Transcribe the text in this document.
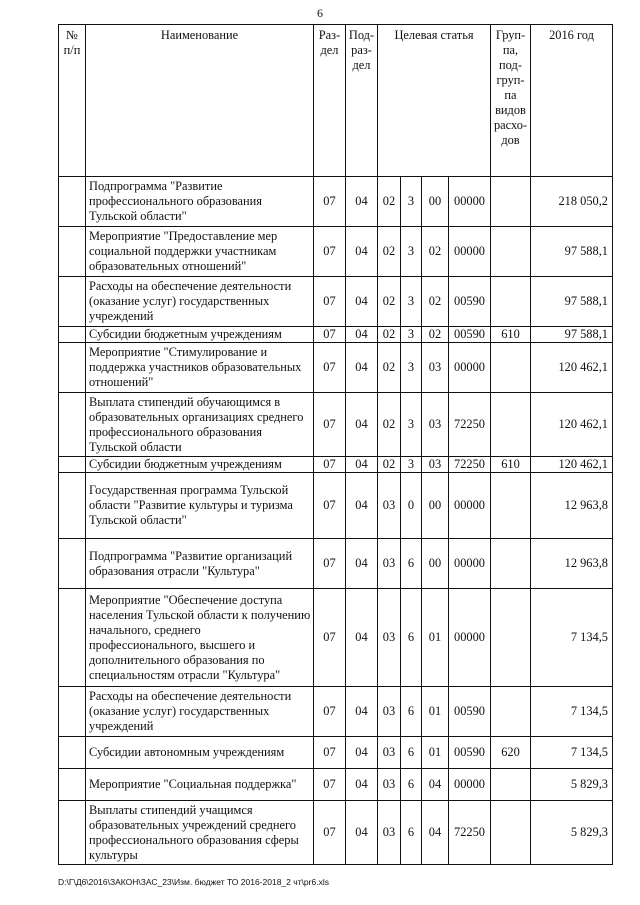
6
№ п/п	Наименование	Раз-дел	Под-раз-дел	Целевая статья				Груп-па, под-груп-па видов расхо-дов	2016 год
	Подпрограмма "Развитие профессионального образования Тульской области"	07	04	02	3	00	00000		218 050,2
	Мероприятие "Предоставление мер социальной поддержки участникам образовательных отношений"	07	04	02	3	02	00000		97 588,1
	Расходы на обеспечение деятельности (оказание услуг) государственных учреждений	07	04	02	3	02	00590		97 588,1
	Субсидии бюджетным учреждениям	07	04	02	3	02	00590	610	97 588,1
	Мероприятие "Стимулирование и поддержка участников образовательных отношений"	07	04	02	3	03	00000		120 462,1
	Выплата стипендий обучающимся в образовательных организациях среднего профессионального образования Тульской области	07	04	02	3	03	72250		120 462,1
	Субсидии бюджетным учреждениям	07	04	02	3	03	72250	610	120 462,1
	Государственная программа Тульской области "Развитие культуры и туризма Тульской области"	07	04	03	0	00	00000		12 963,8
	Подпрограмма "Развитие организаций образования отрасли "Культура"	07	04	03	6	00	00000		12 963,8
	Мероприятие "Обеспечение доступа населения Тульской области к получению начального, среднего профессионального, высшего и дополнительного образования по специальностям отрасли "Культура"	07	04	03	6	01	00000		7 134,5
	Расходы на обеспечение деятельности (оказание услуг) государственных учреждений	07	04	03	6	01	00590		7 134,5
	Субсидии автономным учреждениям	07	04	03	6	01	00590	620	7 134,5
	Мероприятие "Социальная поддержка"	07	04	03	6	04	00000		5 829,3
	Выплаты стипендий учащимся образовательных учреждений среднего профессионального образования сферы культуры	07	04	03	6	04	72250		5 829,3
D:\Г\Д6\2016\ЗАКОН\ЗАС_23\Изм. бюджет ТО 2016-2018_2 чт\pr6.xls
